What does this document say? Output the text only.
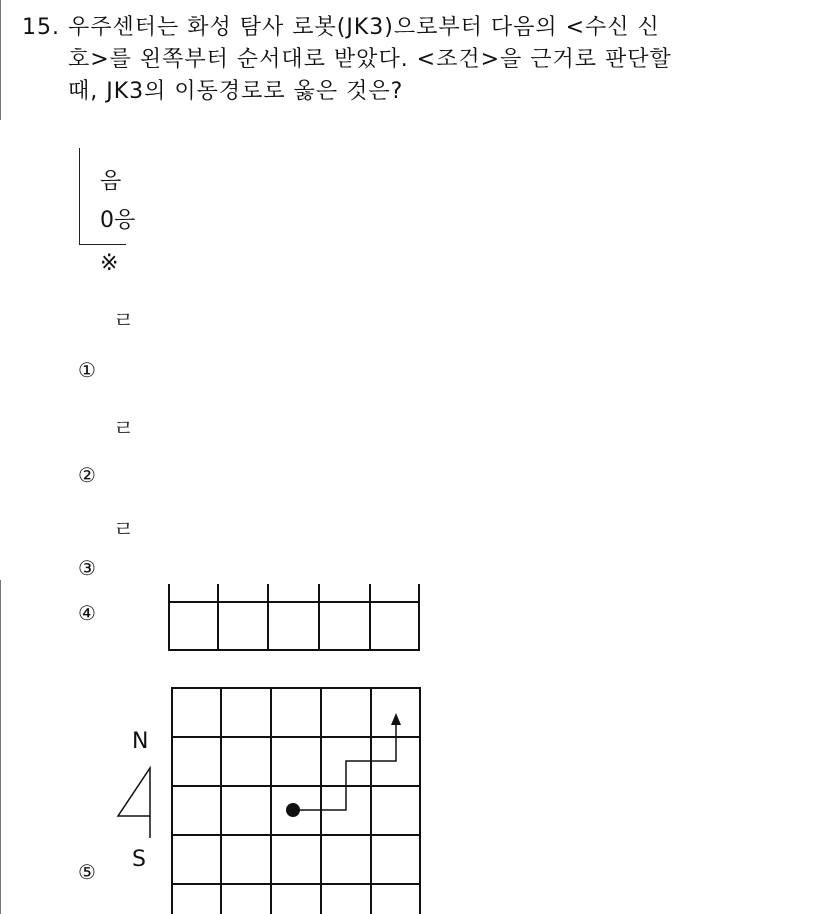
15. 우주센터는 화성 탐사 로봇(JK3)으로부터 다음의 <수신 신
호>를 왼쪽부터 순서대로 받았다. <조건>을 근거로 판단할
때, JK3의 이동경로로 옳은 것은?
음
0응
※
ㄹ
ㄹ
ㄹ
①
②
③
④
⑤
N
S
